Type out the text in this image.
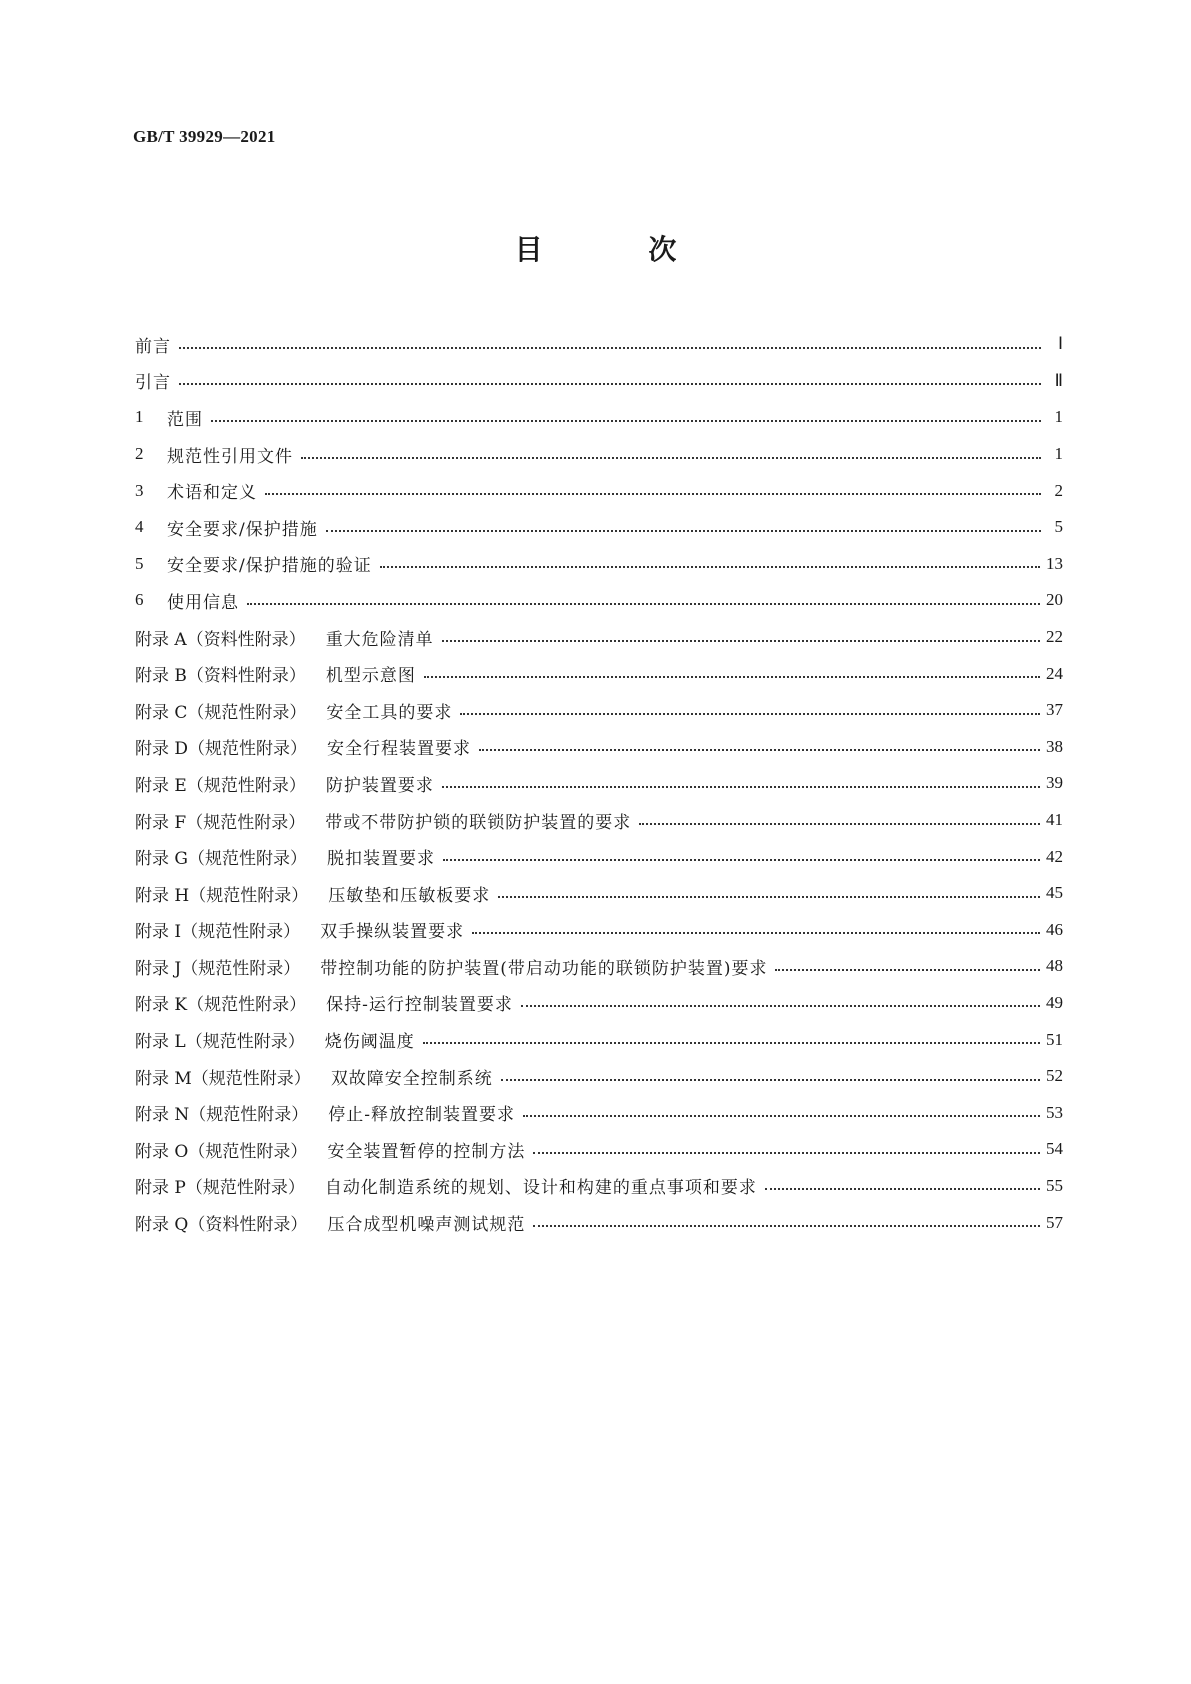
GB/T 39929—2021
目 次
前言	Ⅰ
引言	Ⅱ
1	范围	1
2	规范性引用文件	1
3	术语和定义	2
4	安全要求/保护措施	5
5	安全要求/保护措施的验证	13
6	使用信息	20
附录 A（资料性附录） 重大危险清单	22
附录 B（资料性附录） 机型示意图	24
附录 C（规范性附录） 安全工具的要求	37
附录 D（规范性附录） 安全行程装置要求	38
附录 E（规范性附录） 防护装置要求	39
附录 F（规范性附录） 带或不带防护锁的联锁防护装置的要求	41
附录 G（规范性附录） 脱扣装置要求	42
附录 H（规范性附录） 压敏垫和压敏板要求	45
附录 I（规范性附录） 双手操纵装置要求	46
附录 J（规范性附录） 带控制功能的防护装置(带启动功能的联锁防护装置)要求	48
附录 K（规范性附录） 保持-运行控制装置要求	49
附录 L（规范性附录） 烧伤阈温度	51
附录 M（规范性附录） 双故障安全控制系统	52
附录 N（规范性附录） 停止-释放控制装置要求	53
附录 O（规范性附录） 安全装置暂停的控制方法	54
附录 P（规范性附录） 自动化制造系统的规划、设计和构建的重点事项和要求	55
附录 Q（资料性附录） 压合成型机噪声测试规范	57
